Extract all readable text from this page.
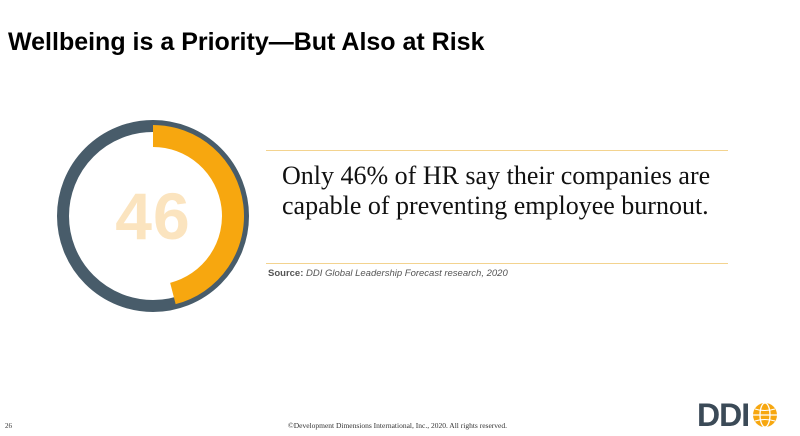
Wellbeing is a Priority—But Also at Risk
46
Only 46% of HR say their companies are capable of preventing employee burnout.
Source: DDI Global Leadership Forecast research, 2020
26	©Development Dimensions International, Inc., 2020. All rights reserved.	DDI
